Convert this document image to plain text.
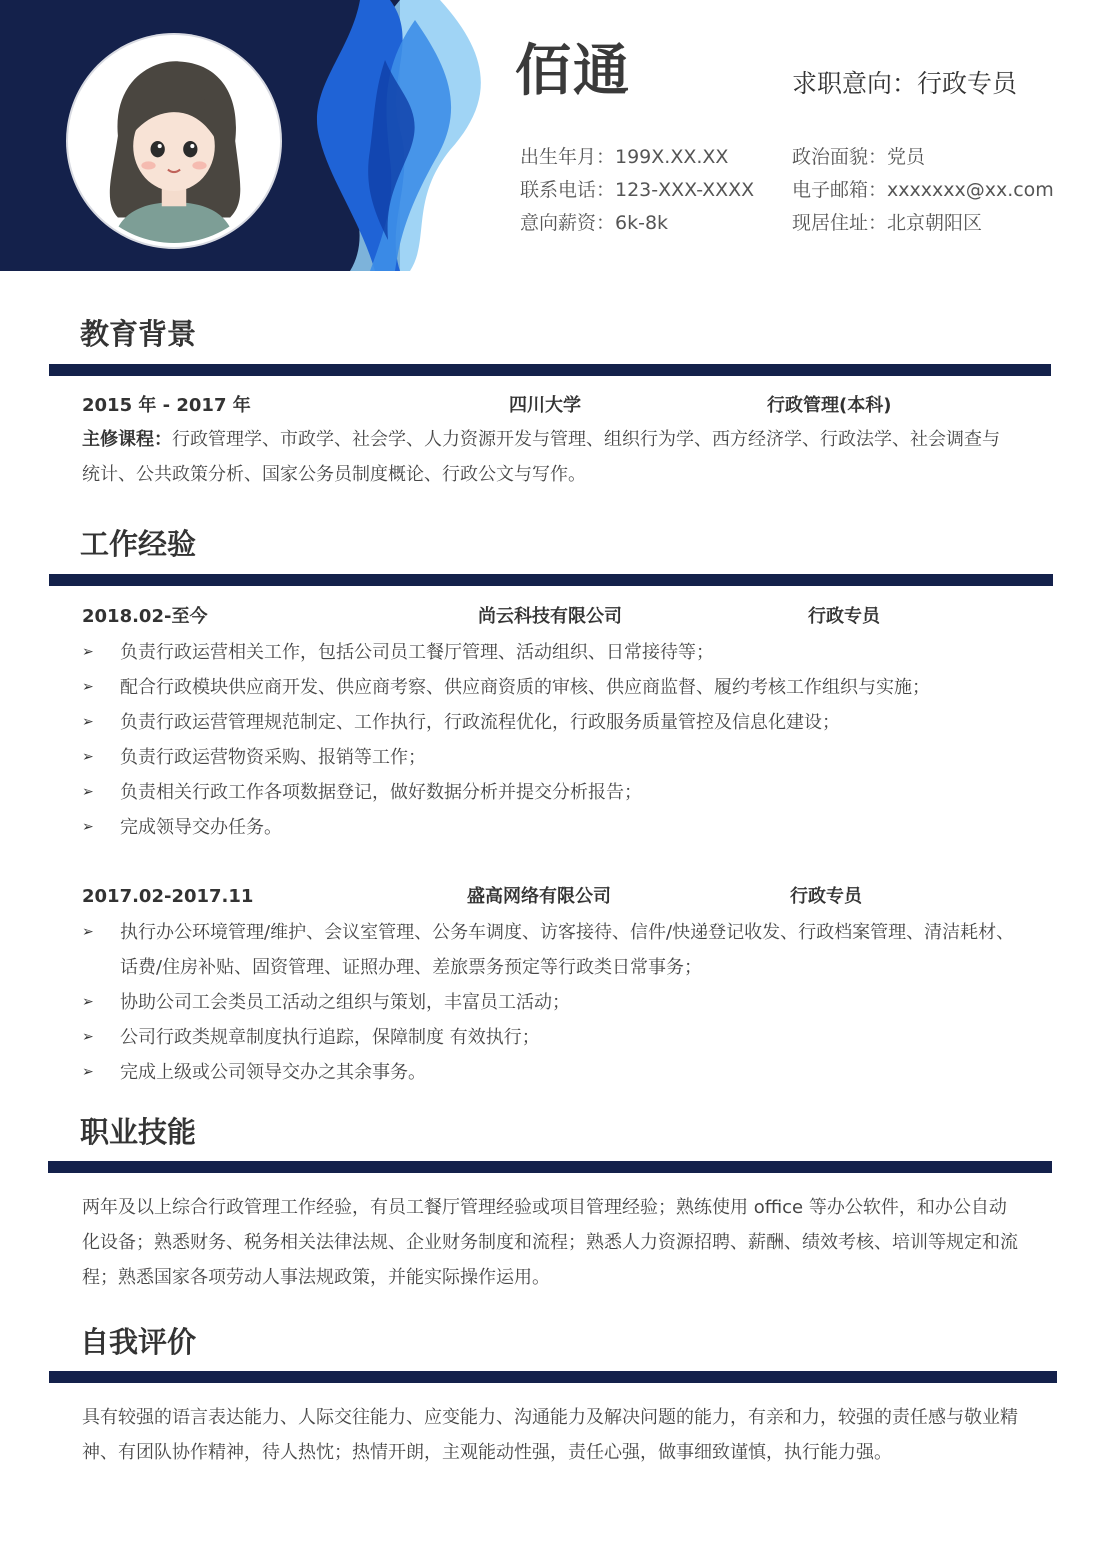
佰通	求职意向：行政专员
出生年月：199X.XX.XX	政治面貌：党员
联系电话：123-XXX-XXXX 电子邮箱：xxxxxxx@xx.com
意向薪资：6k-8k	现居住址：北京朝阳区
教育背景
2015 年 - 2017 年	四川大学	行政管理(本科)
主修课程：行政管理学、市政学、社会学、人力资源开发与管理、组织行为学、西方经济学、行政法学、社会调查与
统计、公共政策分析、国家公务员制度概论、行政公文与写作。
工作经验
2018.02-至今	尚云科技有限公司	行政专员
➢ 负责行政运营相关工作，包括公司员工餐厅管理、活动组织、日常接待等；
➢ 配合行政模块供应商开发、供应商考察、供应商资质的审核、供应商监督、履约考核工作组织与实施；
➢ 负责行政运营管理规范制定、工作执行，行政流程优化，行政服务质量管控及信息化建设；
➢ 负责行政运营物资采购、报销等工作；
➢ 负责相关行政工作各项数据登记，做好数据分析并提交分析报告；
➢ 完成领导交办任务。
2017.02-2017.11	盛高网络有限公司	行政专员
➢ 执行办公环境管理/维护、会议室管理、公务车调度、访客接待、信件/快递登记收发、行政档案管理、清洁耗材、
话费/住房补贴、固资管理、证照办理、差旅票务预定等行政类日常事务；
➢ 协助公司工会类员工活动之组织与策划，丰富员工活动；
➢ 公司行政类规章制度执行追踪，保障制度 有效执行；
➢ 完成上级或公司领导交办之其余事务。
职业技能
两年及以上综合行政管理工作经验，有员工餐厅管理经验或项目管理经验；熟练使用 office 等办公软件，和办公自动
化设备；熟悉财务、税务相关法律法规、企业财务制度和流程；熟悉人力资源招聘、薪酬、绩效考核、培训等规定和流
程；熟悉国家各项劳动人事法规政策，并能实际操作运用。
自我评价
具有较强的语言表达能力、人际交往能力、应变能力、沟通能力及解决问题的能力，有亲和力，较强的责任感与敬业精
神、有团队协作精神，待人热忱；热情开朗，主观能动性强，责任心强，做事细致谨慎，执行能力强。
